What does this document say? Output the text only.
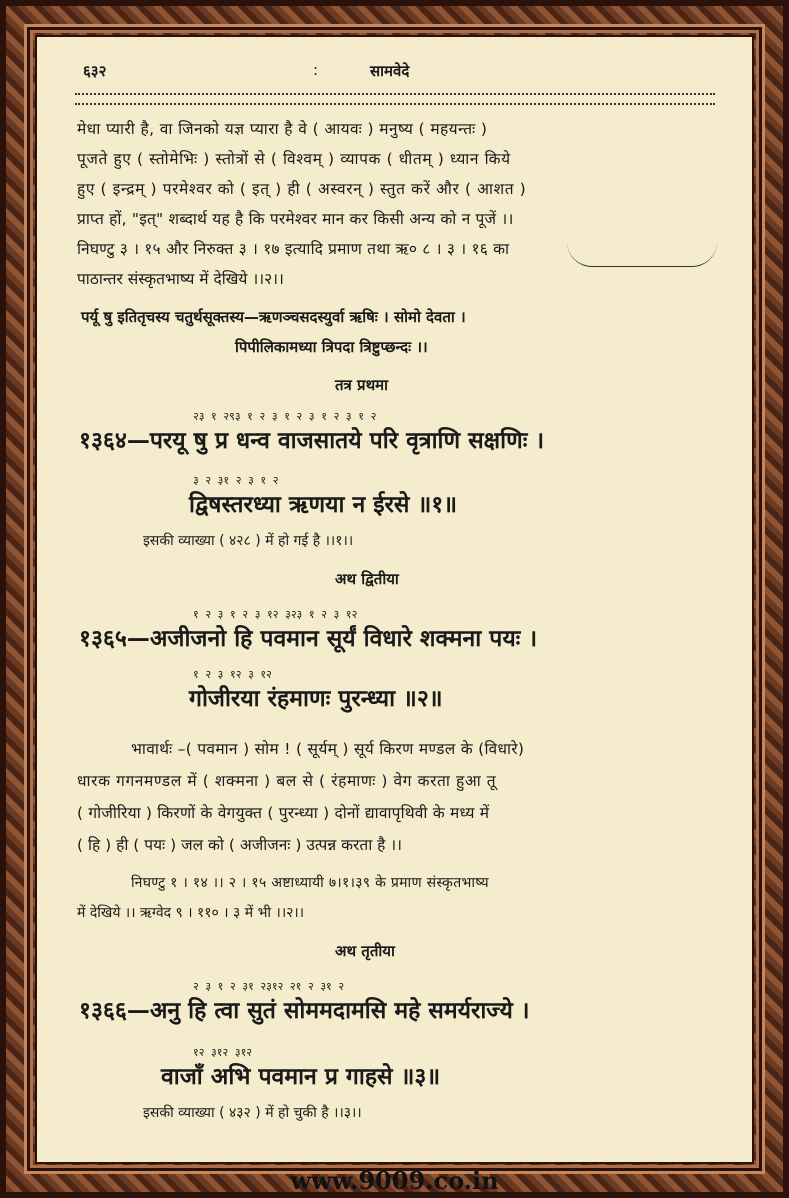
६३२	:	सामवेदे
मेधा प्यारी है, वा जिनको यज्ञ प्यारा है वे ( आयवः ) मनुष्य ( महयन्तः )
पूजते हुए ( स्तोमेभिः ) स्तोत्रों से ( विश्वम् ) व्यापक ( धीतम् ) ध्यान किये
हुए ( इन्द्रम् ) परमेश्वर को ( इत् ) ही ( अस्वरन् ) स्तुत करें और ( आशत )
प्राप्त हों, "इत्" शब्दार्थ यह है कि परमेश्वर मान कर किसी अन्य को न पूजें ।।
निघण्टु ३ । १५ और निरुक्त ३ । १७ इत्यादि प्रमाण तथा ऋ० ८ । ३ । १६ का
पाठान्तर संस्कृतभाष्य में देखिये ।।२।।
पर्यू षु इतितृचस्य चतुर्थसूक्तस्य—ऋणञ्चसदस्युर्वा ऋषिः । सोमो देवता ।
पिपीलिकामध्या त्रिपदा त्रिष्टुप्छन्दः ।।
तत्र प्रथमा
२३ १ २९३ १ २ ३ १ २ ३ १ २ ३ १ २
१३६४—परयू षु प्र धन्व वाजसातये परि वृत्राणि सक्षणिः ।
३ २ ३१ २ ३ १ २
द्विषस्तरध्या ऋणया न ईरसे ॥१॥
इसकी व्याख्या ( ४२८ ) में हो गई है ।।१।।
अथ द्वितीया
१ २ ३ १ २ ३ १२ ३२३ १ २ ३ १२
१३६५—अजीजनो हि पवमान सूर्यं विधारे शक्मना पयः ।
१ २ ३ १२ ३ १२
गोजीरया रंहमाणः पुरन्ध्या ॥२॥
भावार्थः –( पवमान ) सोम ! ( सूर्यम् ) सूर्य किरण मण्डल के (विधारे)
धारक गगनमण्डल में ( शक्मना ) बल से ( रंहमाणः ) वेग करता हुआ तू
( गोजीरिया ) किरणों के वेगयुक्त ( पुरन्ध्या ) दोनों द्यावापृथिवी के मध्य में
( हि ) ही ( पयः ) जल को ( अजीजनः ) उत्पन्न करता है ।।
निघण्टु १ । १४ ।। २ । १५ अष्टाध्यायी ७।१।३९ के प्रमाण संस्कृतभाष्य
में देखिये ।। ऋग्वेद ९ । ११० । ३ में भी ।।२।।
अथ तृतीया
२ ३ १ २ ३१ २३१२ २१ २ ३१ २
१३६६—अनु हि त्वा सुतं सोममदामसि महे समर्यराज्ये ।
१२ ३१२ ३१२
वाजाँ अभि पवमान प्र गाहसे ॥३॥
इसकी व्याख्या ( ४३२ ) में हो चुकी है ।।३।।
www.9009.co.in
